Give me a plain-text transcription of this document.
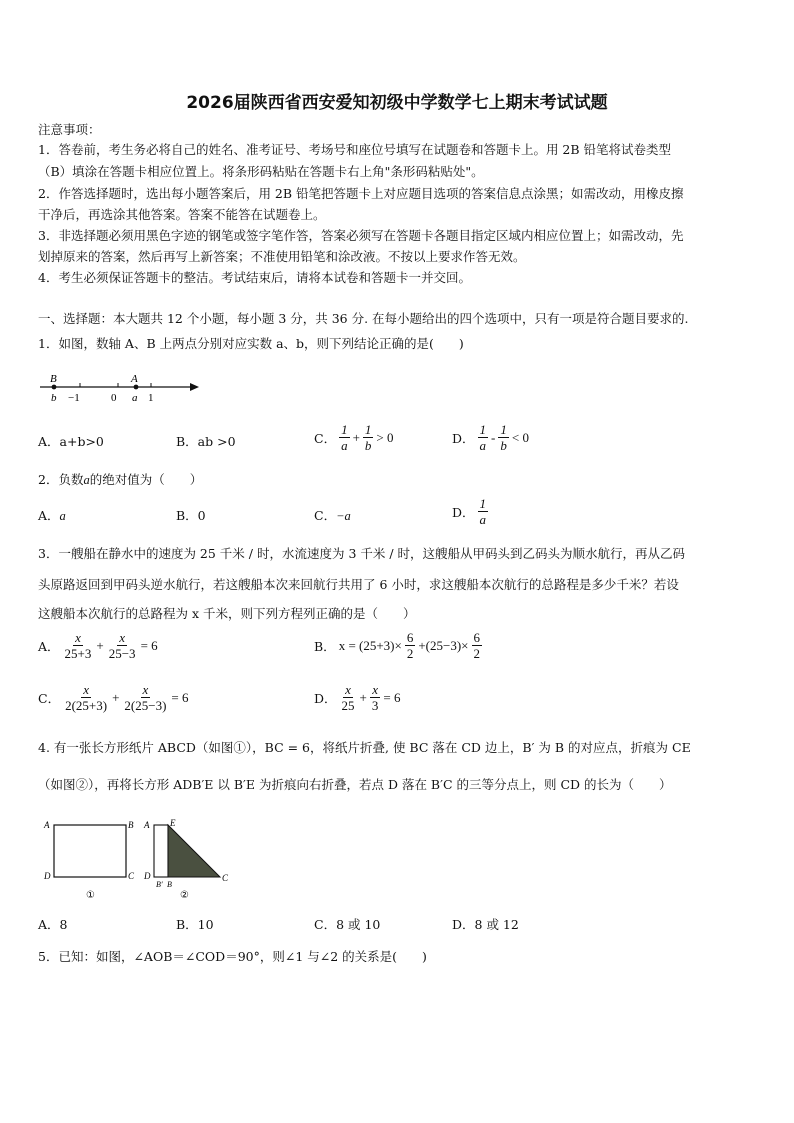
2026届陕西省西安爱知初级中学数学七上期末考试试题
注意事项：
1．答卷前，考生务必将自己的姓名、准考证号、考场号和座位号填写在试题卷和答题卡上。用 2B 铅笔将试卷类型
（B）填涂在答题卡相应位置上。将条形码粘贴在答题卡右上角"条形码粘贴处"。
2．作答选择题时，选出每小题答案后，用 2B 铅笔把答题卡上对应题目选项的答案信息点涂黑；如需改动，用橡皮擦
干净后，再选涂其他答案。答案不能答在试题卷上。
3．非选择题必须用黑色字迹的钢笔或签字笔作答，答案必须写在答题卡各题目指定区域内相应位置上；如需改动，先
划掉原来的答案，然后再写上新答案；不准使用铅笔和涂改液。不按以上要求作答无效。
4．考生必须保证答题卡的整洁。考试结束后，请将本试卷和答题卡一并交回。
一、选择题：本大题共 12 个小题，每小题 3 分，共 36 分. 在每小题给出的四个选项中，只有一项是符合题目要求的.
1．如图，数轴 A、B 上两点分别对应实数 a、b，则下列结论正确的是(　　)
B	A
b −1	0 a 1
A．a+b>0	B．ab >0	C． $\frac{1}{a} + \frac{1}{b} > 0$	D． $\frac{1}{a} - \frac{1}{b} < 0$
2．负数a的绝对值为（　　）
A．a	B．0	C．−a	D． $\frac{1}{a}$
3．一艘船在静水中的速度为 25 千米 / 时，水流速度为 3 千米 / 时，这艘船从甲码头到乙码头为顺水航行，再从乙码
头原路返回到甲码头逆水航行，若这艘船本次来回航行共用了 6 小时，求这艘船本次航行的总路程是多少千米？若设
这艘船本次航行的总路程为 x 千米，则下列方程列正确的是（　　）
A． $\frac{x}{25+3} + \frac{x}{25-3} = 6$	B． $x = (25+3)\times \frac{6}{2} +(25-3)\times \frac{6}{2}$
C． $\frac{x}{2(25+3)} + \frac{x}{2(25-3)} = 6$	D． $\frac{x}{25} + \frac{x}{3} = 6$
4. 有一张长方形纸片 ABCD（如图①），BC = 6，将纸片折叠, 使 BC 落在 CD 边上，B′ 为 B 的对应点，折痕为 CE
（如图②），再将长方形 ADB′E 以 B′E 为折痕向右折叠，若点 D 落在 B′C 的三等分点上，则 CD 的长为（　　）
A	B
D	C
①
A E
D
B′ B
C
②
A．8	B．10	C．8 或 10	D．8 或 12
5．已知：如图，∠AOB＝∠COD＝90°，则∠1 与∠2 的关系是(　　)
